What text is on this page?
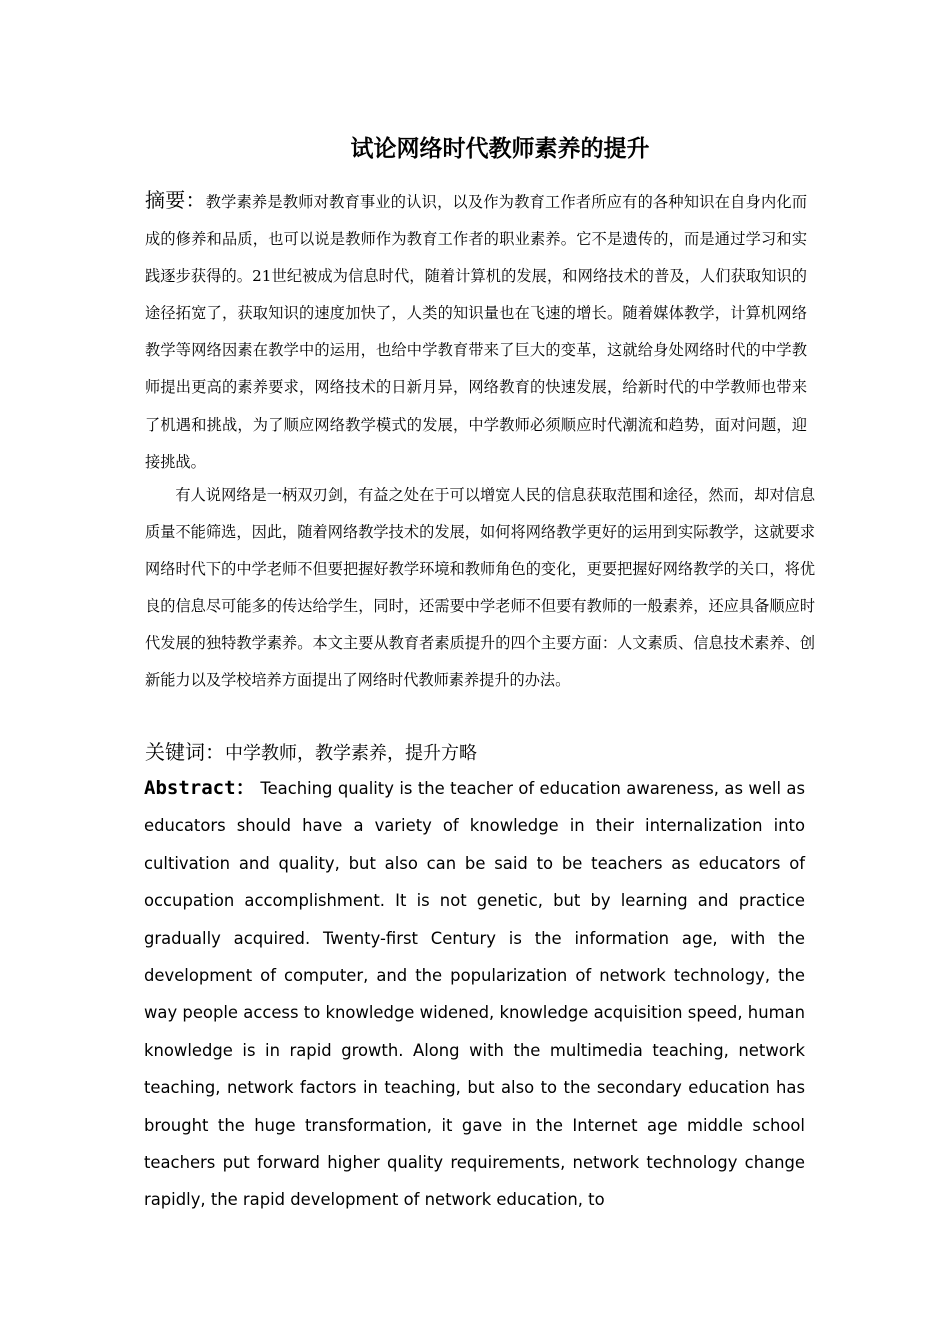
试论网络时代教师素养的提升
摘要：教学素养是教师对教育事业的认识，以及作为教育工作者所应有的各种知识在自身内化而成的修养和品质，也可以说是教师作为教育工作者的职业素养。它不是遗传的，而是通过学习和实践逐步获得的。21世纪被成为信息时代，随着计算机的发展，和网络技术的普及，人们获取知识的途径拓宽了，获取知识的速度加快了，人类的知识量也在飞速的增长。随着媒体教学，计算机网络教学等网络因素在教学中的运用，也给中学教育带来了巨大的变革，这就给身处网络时代的中学教师提出更高的素养要求，网络技术的日新月异，网络教育的快速发展，给新时代的中学教师也带来了机遇和挑战，为了顺应网络教学模式的发展，中学教师必须顺应时代潮流和趋势，面对问题，迎接挑战。
有人说网络是一柄双刃剑，有益之处在于可以增宽人民的信息获取范围和途径，然而，却对信息质量不能筛选，因此，随着网络教学技术的发展，如何将网络教学更好的运用到实际教学，这就要求网络时代下的中学老师不但要把握好教学环境和教师角色的变化，更要把握好网络教学的关口，将优良的信息尽可能多的传达给学生，同时，还需要中学老师不但要有教师的一般素养，还应具备顺应时代发展的独特教学素养。本文主要从教育者素质提升的四个主要方面：人文素质、信息技术素养、创新能力以及学校培养方面提出了网络时代教师素养提升的办法。
关键词：中学教师，教学素养，提升方略
Abstract： Teaching quality is the teacher of education awareness, as well as educators should have a variety of knowledge in their internalization into cultivation and quality, but also can be said to be teachers as educators of occupation accomplishment. It is not genetic, but by learning and practice gradually acquired. Twenty-first Century is the information age, with the development of computer, and the popularization of network technology, the way people access to knowledge widened, knowledge acquisition speed, human knowledge is in rapid growth. Along with the multimedia teaching, network teaching, network factors in teaching, but also to the secondary education has brought the huge transformation, it gave in the Internet age middle school teachers put forward higher quality requirements, network technology change rapidly, the rapid development of network education, to
